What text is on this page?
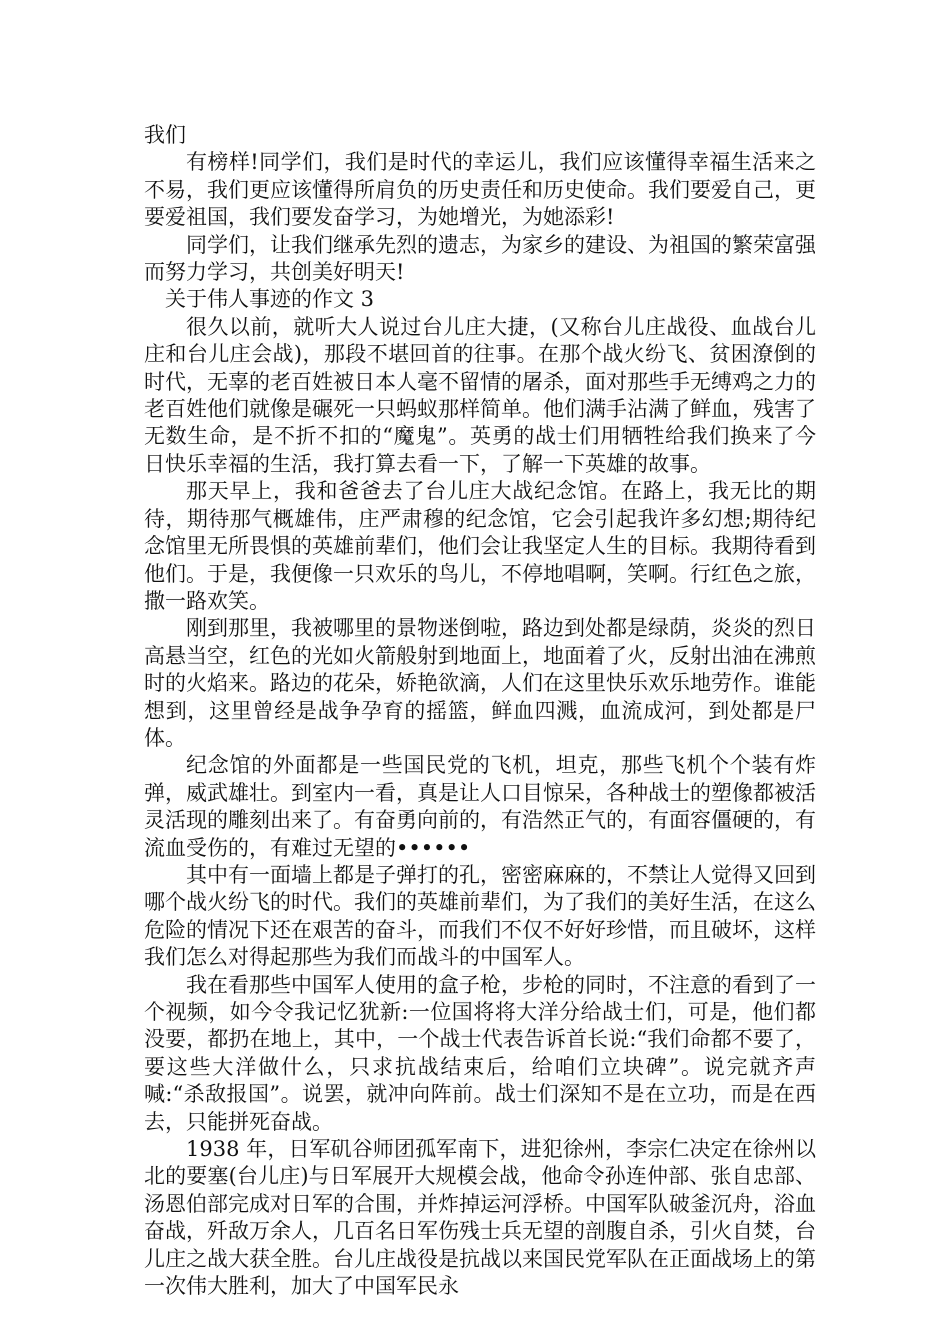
我们

有榜样!同学们，我们是时代的幸运儿，我们应该懂得幸福生活来之不易，我们更应该懂得所肩负的历史责任和历史使命。我们要爱自己，更要爱祖国，我们要发奋学习，为她增光，为她添彩!

同学们，让我们继承先烈的遗志，为家乡的建设、为祖国的繁荣富强而努力学习，共创美好明天!

关于伟人事迹的作文 3

很久以前，就听大人说过台儿庄大捷，(又称台儿庄战役、血战台儿庄和台儿庄会战)，那段不堪回首的往事。在那个战火纷飞、贫困潦倒的时代，无辜的老百姓被日本人毫不留情的屠杀，面对那些手无缚鸡之力的老百姓他们就像是碾死一只蚂蚁那样简单。他们满手沾满了鲜血，残害了无数生命，是不折不扣的“魔鬼”。英勇的战士们用牺牲给我们换来了今日快乐幸福的生活，我打算去看一下，了解一下英雄的故事。

那天早上，我和爸爸去了台儿庄大战纪念馆。在路上，我无比的期待，期待那气概雄伟，庄严肃穆的纪念馆，它会引起我许多幻想;期待纪念馆里无所畏惧的英雄前辈们，他们会让我坚定人生的目标。我期待看到他们。于是，我便像一只欢乐的鸟儿，不停地唱啊，笑啊。行红色之旅，撒一路欢笑。

刚到那里，我被哪里的景物迷倒啦，路边到处都是绿荫，炎炎的烈日高悬当空，红色的光如火箭般射到地面上，地面着了火，反射出油在沸煎时的火焰来。路边的花朵，娇艳欲滴，人们在这里快乐欢乐地劳作。谁能想到，这里曾经是战争孕育的摇篮，鲜血四溅，血流成河，到处都是尸体。

纪念馆的外面都是一些国民党的飞机，坦克，那些飞机个个装有炸弹，威武雄壮。到室内一看，真是让人口目惊呆，各种战士的塑像都被活灵活现的雕刻出来了。有奋勇向前的，有浩然正气的，有面容僵硬的，有流血受伤的，有难过无望的••••••

其中有一面墙上都是子弹打的孔，密密麻麻的，不禁让人觉得又回到哪个战火纷飞的时代。我们的英雄前辈们，为了我们的美好生活，在这么危险的情况下还在艰苦的奋斗，而我们不仅不好好珍惜，而且破坏，这样我们怎么对得起那些为我们而战斗的中国军人。

我在看那些中国军人使用的盒子枪，步枪的同时，不注意的看到了一个视频，如今令我记忆犹新:一位国将将大洋分给战士们，可是，他们都没要，都扔在地上，其中，一个战士代表告诉首长说:“我们命都不要了，要这些大洋做什么，只求抗战结束后，给咱们立块碑”。说完就齐声喊:“杀敌报国”。说罢，就冲向阵前。战士们深知不是在立功，而是在西去，只能拼死奋战。

1938 年，日军矶谷师团孤军南下，进犯徐州，李宗仁决定在徐州以北的要塞(台儿庄)与日军展开大规模会战，他命令孙连仲部、张自忠部、汤恩伯部完成对日军的合围，并炸掉运河浮桥。中国军队破釜沉舟，浴血奋战，歼敌万余人，几百名日军伤残士兵无望的剖腹自杀，引火自焚，台儿庄之战大获全胜。台儿庄战役是抗战以来国民党军队在正面战场上的第一次伟大胜利，加大了中国军民永
